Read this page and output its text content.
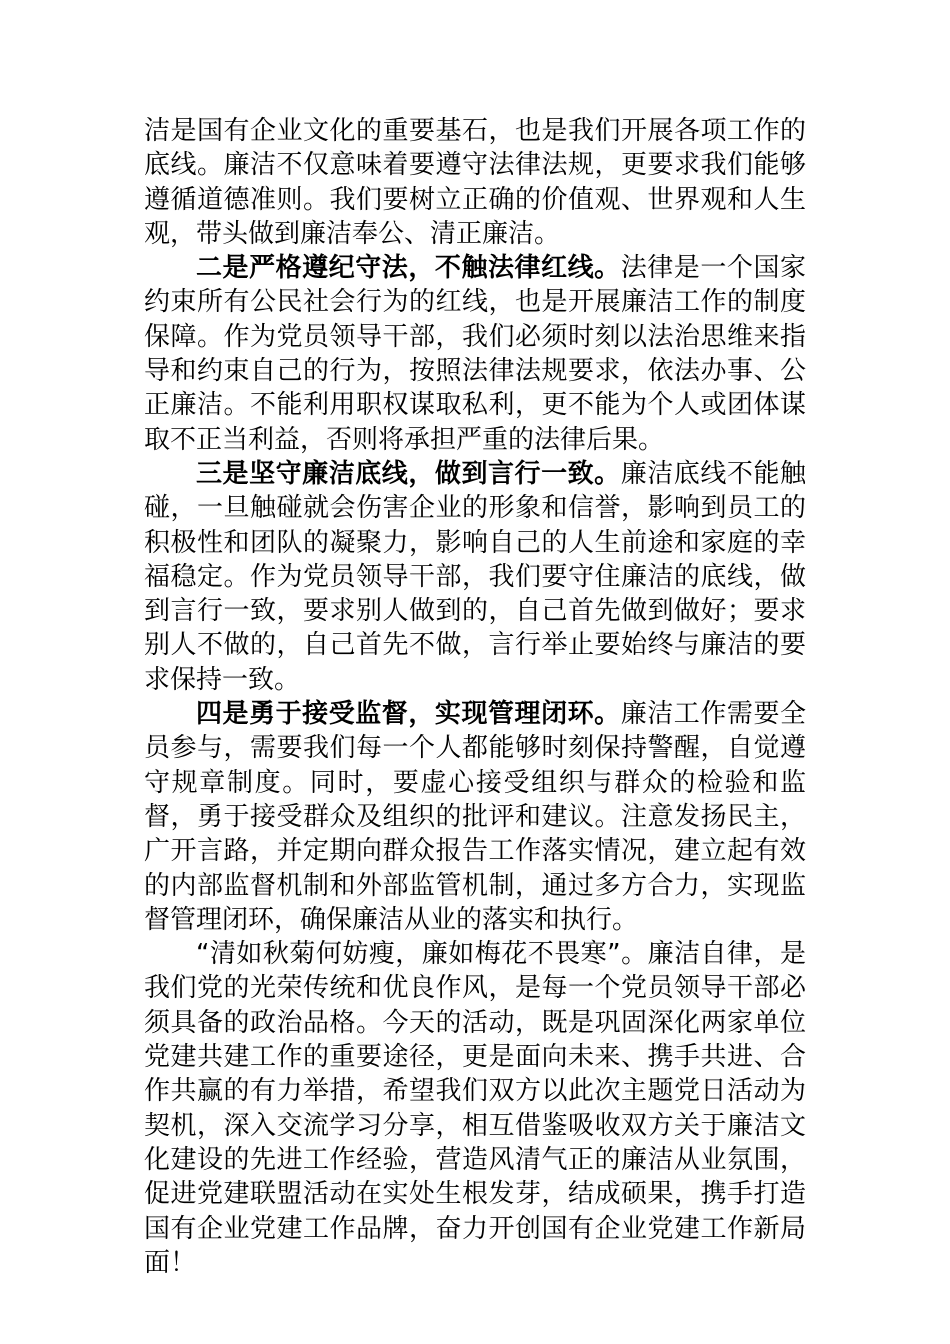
洁是国有企业文化的重要基石，也是我们开展各项工作的底线。廉洁不仅意味着要遵守法律法规，更要求我们能够遵循道德准则。我们要树立正确的价值观、世界观和人生观，带头做到廉洁奉公、清正廉洁。

二是严格遵纪守法，不触法律红线。法律是一个国家约束所有公民社会行为的红线，也是开展廉洁工作的制度保障。作为党员领导干部，我们必须时刻以法治思维来指导和约束自己的行为，按照法律法规要求，依法办事、公正廉洁。不能利用职权谋取私利，更不能为个人或团体谋取不正当利益，否则将承担严重的法律后果。

三是坚守廉洁底线，做到言行一致。廉洁底线不能触碰，一旦触碰就会伤害企业的形象和信誉，影响到员工的积极性和团队的凝聚力，影响自己的人生前途和家庭的幸福稳定。作为党员领导干部，我们要守住廉洁的底线，做到言行一致，要求别人做到的，自己首先做到做好；要求别人不做的，自己首先不做，言行举止要始终与廉洁的要求保持一致。

四是勇于接受监督，实现管理闭环。廉洁工作需要全员参与，需要我们每一个人都能够时刻保持警醒，自觉遵守规章制度。同时，要虚心接受组织与群众的检验和监督，勇于接受群众及组织的批评和建议。注意发扬民主，广开言路，并定期向群众报告工作落实情况，建立起有效的内部监督机制和外部监管机制，通过多方合力，实现监督管理闭环，确保廉洁从业的落实和执行。

“清如秋菊何妨瘦，廉如梅花不畏寒”。廉洁自律，是我们党的光荣传统和优良作风，是每一个党员领导干部必须具备的政治品格。今天的活动，既是巩固深化两家单位党建共建工作的重要途径，更是面向未来、携手共进、合作共赢的有力举措，希望我们双方以此次主题党日活动为契机，深入交流学习分享，相互借鉴吸收双方关于廉洁文化建设的先进工作经验，营造风清气正的廉洁从业氛围，促进党建联盟活动在实处生根发芽，结成硕果，携手打造国有企业党建工作品牌，奋力开创国有企业党建工作新局面！
